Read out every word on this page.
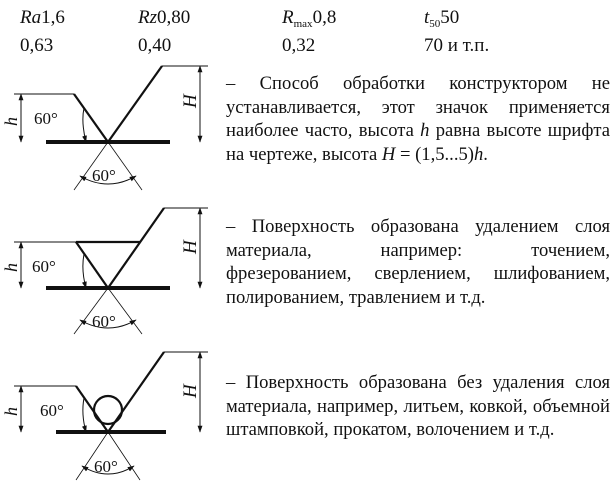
Ra1,6	Rz0,80	$R_{max}0,8$	$t_{50}50$
0,63	0,40	0,32	70 и т.п.
h
H
60°
60°
– Способ обработки конструктором не устанавливается, этот значок применяется наиболее часто, высота h равна высоте шрифта на чертеже, высота H = (1,5...5)h.
h
H
60°
60°
– Поверхность образована удалением слоя материала, например: точением, фрезерованием, сверлением, шлифованием, полированием, травлением и т.д.
h
H
60°
60°
– Поверхность образована без удаления слоя материала, например, литьем, ковкой, объемной штамповкой, прокатом, волочением и т.д.
